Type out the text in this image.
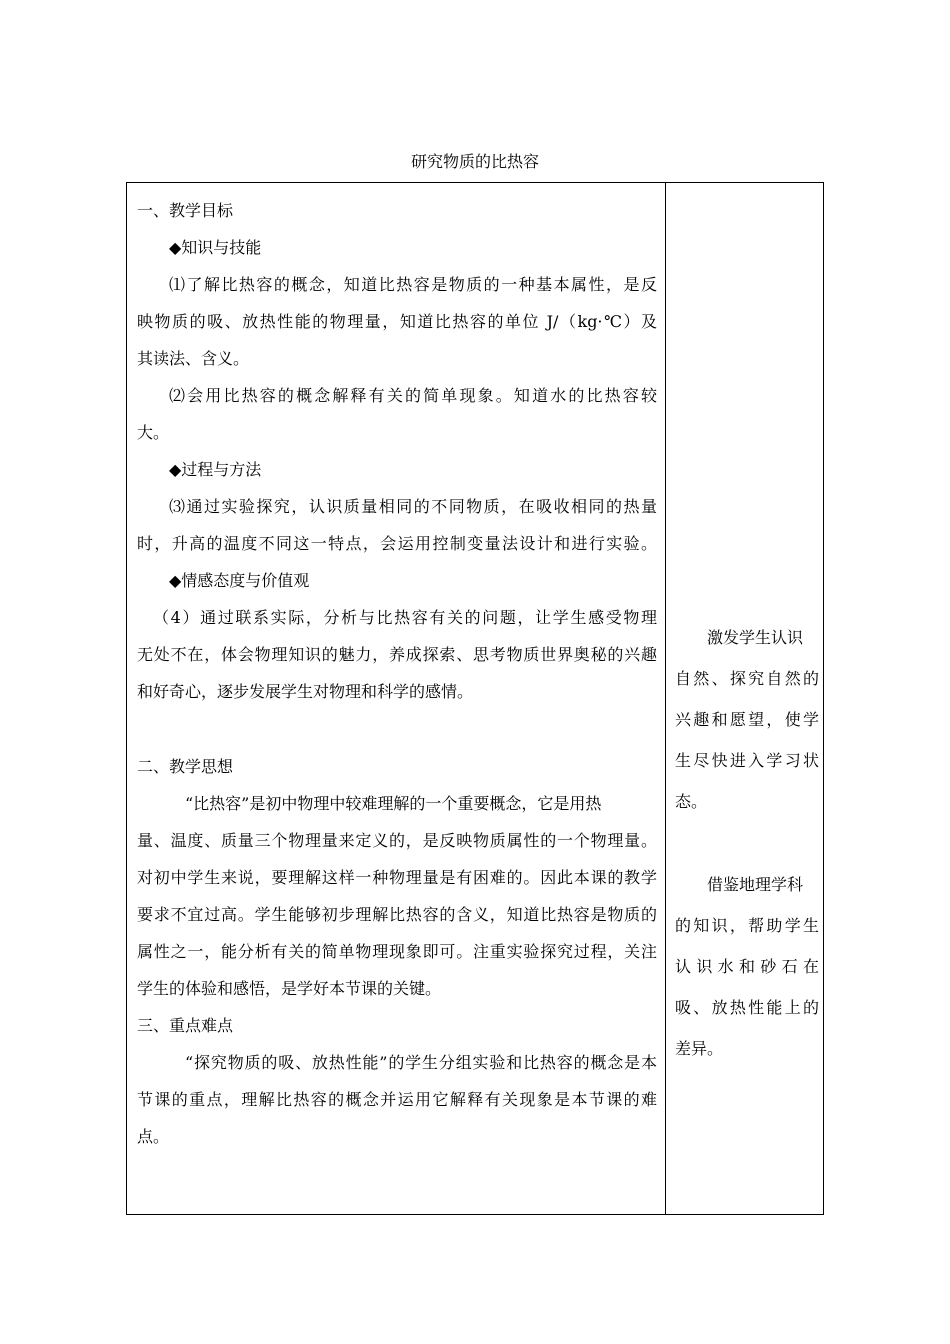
研究物质的比热容
一、教学目标
◆知识与技能
⑴了解比热容的概念，知道比热容是物质的一种基本属性，是反
映物质的吸、放热性能的物理量，知道比热容的单位 J/（kg·℃）及
其读法、含义。
⑵会用比热容的概念解释有关的简单现象。知道水的比热容较
大。
◆过程与方法
⑶通过实验探究，认识质量相同的不同物质，在吸收相同的热量
时，升高的温度不同这一特点，会运用控制变量法设计和进行实验。
◆情感态度与价值观
（4）通过联系实际，分析与比热容有关的问题，让学生感受物理
无处不在，体会物理知识的魅力，养成探索、思考物质世界奥秘的兴趣
和好奇心，逐步发展学生对物理和科学的感情。
二、教学思想
“比热容”是初中物理中较难理解的一个重要概念，它是用热
量、温度、质量三个物理量来定义的，是反映物质属性的一个物理量。
对初中学生来说，要理解这样一种物理量是有困难的。因此本课的教学
要求不宜过高。学生能够初步理解比热容的含义，知道比热容是物质的
属性之一，能分析有关的简单物理现象即可。注重实验探究过程，关注
学生的体验和感悟，是学好本节课的关键。
三、重点难点
“探究物质的吸、放热性能”的学生分组实验和比热容的概念是本
节课的重点，理解比热容的概念并运用它解释有关现象是本节课的难
点。
激发学生认识
自然、探究自然的
兴趣和愿望，使学
生尽快进入学习状
态。
借鉴地理学科
的知识，帮助学生
认识水和砂石在
吸、放热性能上的
差异。
